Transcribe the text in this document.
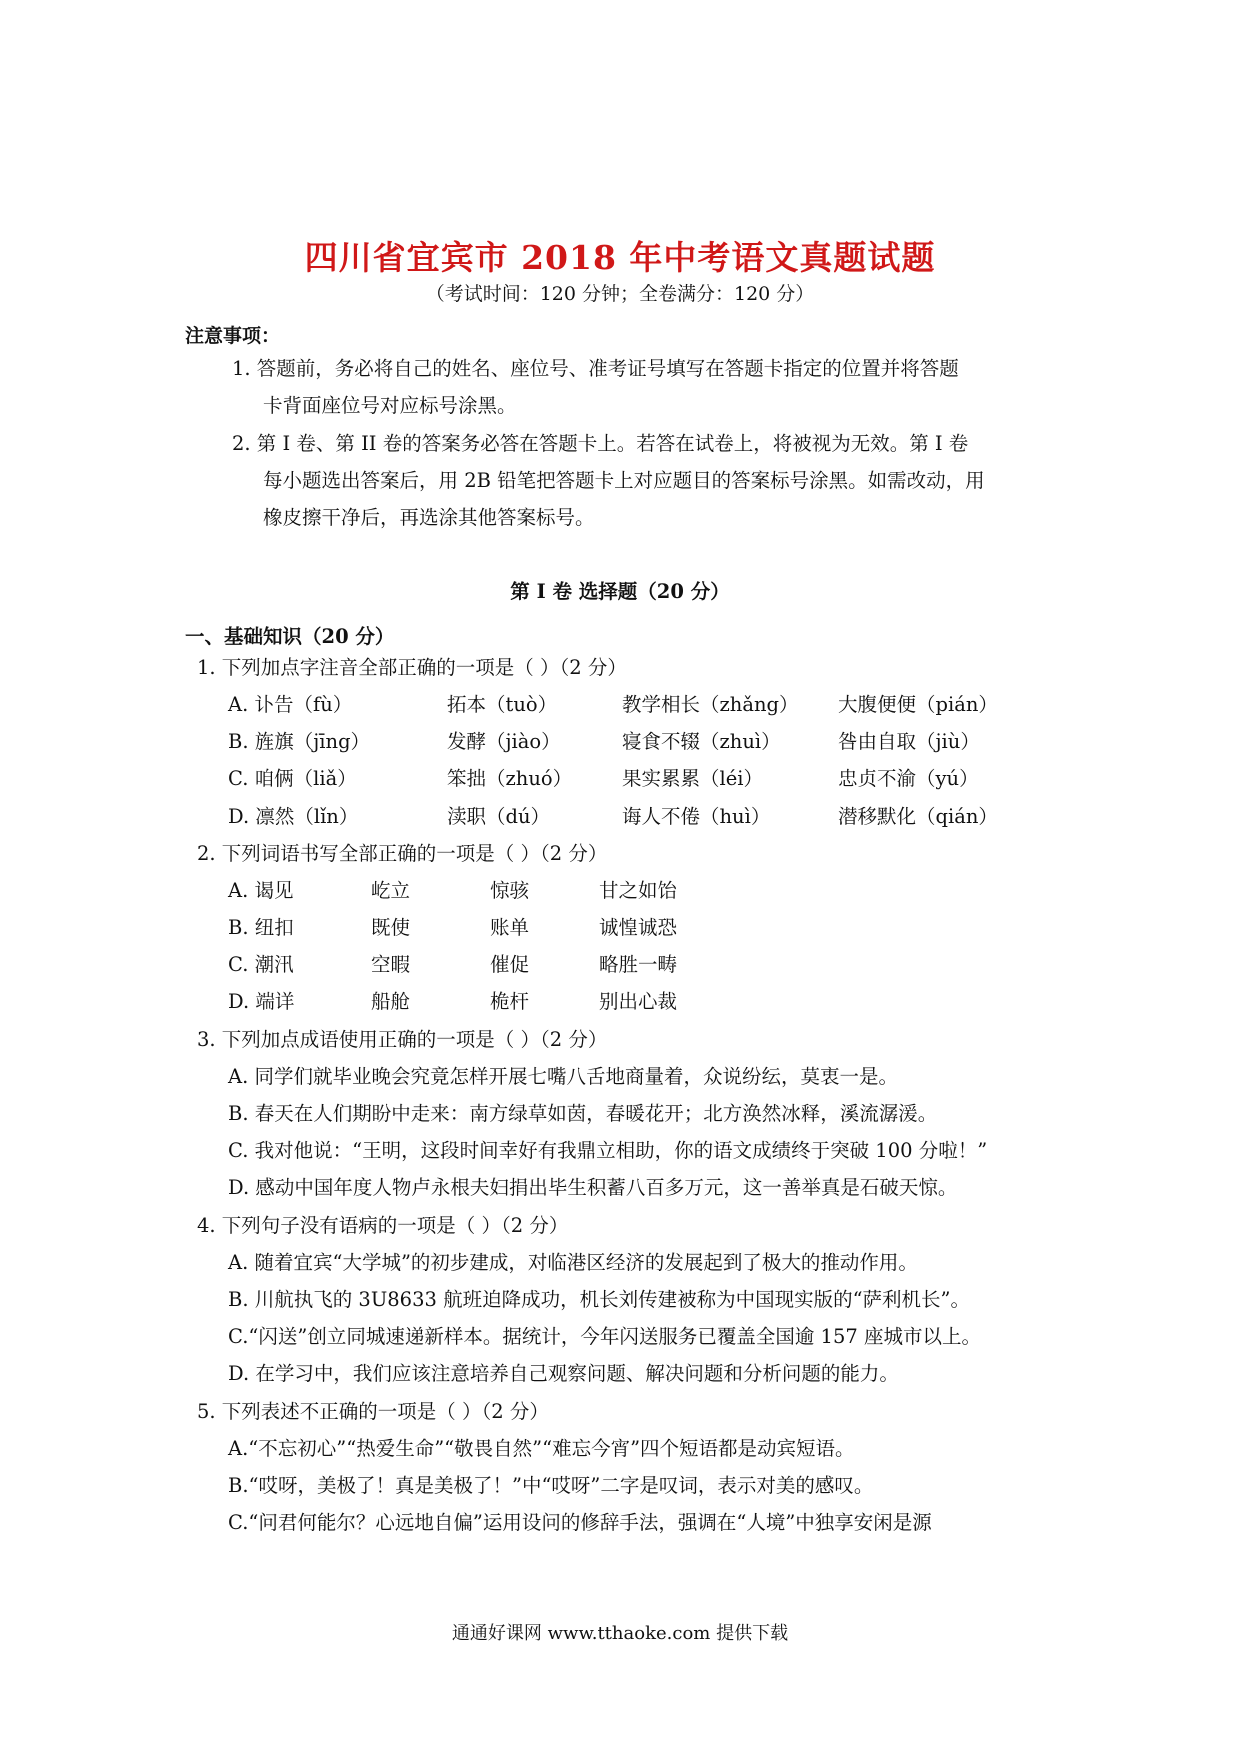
四川省宜宾市 2018 年中考语文真题试题
（考试时间：120 分钟；全卷满分：120 分）
注意事项：
1. 答题前，务必将自己的姓名、座位号、准考证号填写在答题卡指定的位置并将答题
卡背面座位号对应标号涂黑。
2. 第 I 卷、第 II 卷的答案务必答在答题卡上。若答在试卷上，将被视为无效。第 I 卷
每小题选出答案后，用 2B 铅笔把答题卡上对应题目的答案标号涂黑。如需改动，用
橡皮擦干净后，再选涂其他答案标号。
第 I 卷 选择题（20 分）
一、基础知识（20 分）
1. 下列加点字注音全部正确的一项是（ ）（2 分）
A. 讣告（fù）	拓本（tuò）	教学相长（zhǎng） 大腹便便（pián）
B. 旌旗（jīng）	发酵（jiào）	寝食不辍（zhuì）	咎由自取（jiù）
C. 咱俩（liǎ）	笨拙（zhuó）	果实累累（léi）	忠贞不渝（yú）
D. 凛然（lǐn）	渎职（dú）	诲人不倦（huì）	潜移默化（qián）
2. 下列词语书写全部正确的一项是（ ）（2 分）
A. 谒见	屹立	惊骇	甘之如饴
B. 纽扣	既使	账单	诚惶诚恐
C. 潮汛	空暇	催促	略胜一畴
D. 端详	船舱	桅杆	别出心裁
3. 下列加点成语使用正确的一项是（ ）（2 分）
A. 同学们就毕业晚会究竟怎样开展七嘴八舌地商量着，众说纷纭，莫衷一是。
B. 春天在人们期盼中走来：南方绿草如茵，春暖花开；北方涣然冰释，溪流潺湲。
C. 我对他说：“王明，这段时间幸好有我鼎立相助，你的语文成绩终于突破 100 分啦！”
D. 感动中国年度人物卢永根夫妇捐出毕生积蓄八百多万元，这一善举真是石破天惊。
4. 下列句子没有语病的一项是（ ）（2 分）
A. 随着宜宾“大学城”的初步建成，对临港区经济的发展起到了极大的推动作用。
B. 川航执飞的 3U8633 航班迫降成功，机长刘传建被称为中国现实版的“萨利机长”。
C.“闪送”创立同城速递新样本。据统计，今年闪送服务已覆盖全国逾 157 座城市以上。
D. 在学习中，我们应该注意培养自己观察问题、解决问题和分析问题的能力。
5. 下列表述不正确的一项是（ ）（2 分）
A.“不忘初心”“热爱生命”“敬畏自然”“难忘今宵”四个短语都是动宾短语。
B.“哎呀，美极了！真是美极了！”中“哎呀”二字是叹词，表示对美的感叹。
C.“问君何能尔？心远地自偏”运用设问的修辞手法，强调在“人境”中独享安闲是源
通通好课网 www.tthaoke.com 提供下载
